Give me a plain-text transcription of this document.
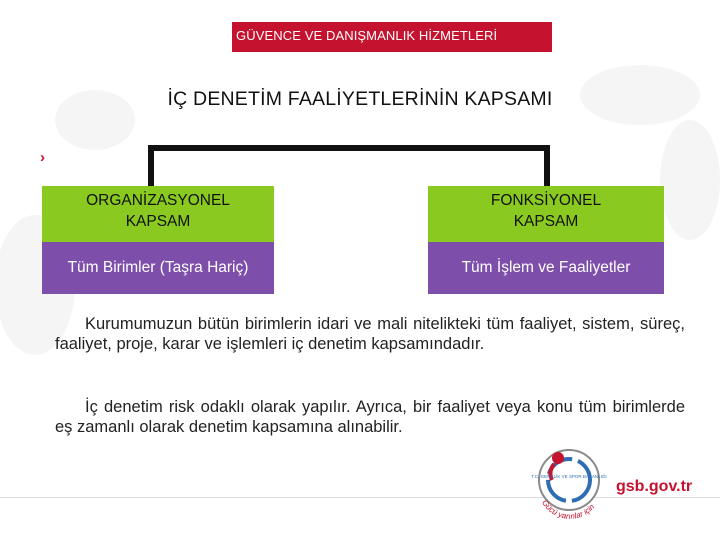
GÜVENCE VE DANIŞMANLIK HİZMETLERİ
İÇ DENETİM FAALİYETLERİNİN KAPSAMI
›
ORGANİZASYONEL
KAPSAM
Tüm Birimler (Taşra Hariç)
FONKSİYONEL
KAPSAM
Tüm İşlem ve Faaliyetler
Kurumumuzun bütün birimlerin idari ve mali nitelikteki tüm faaliyet, sistem, süreç, faaliyet, proje, karar ve işlemleri iç denetim kapsamındadır.
İç denetim risk odaklı olarak yapılır. Ayrıca, bir faaliyet veya konu tüm birimlerde eş zamanlı olarak denetim kapsamına alınabilir.
T.C. GENÇLİK VE SPOR BAKANLIĞI
Gücü yarınlar için
gsb.gov.tr
